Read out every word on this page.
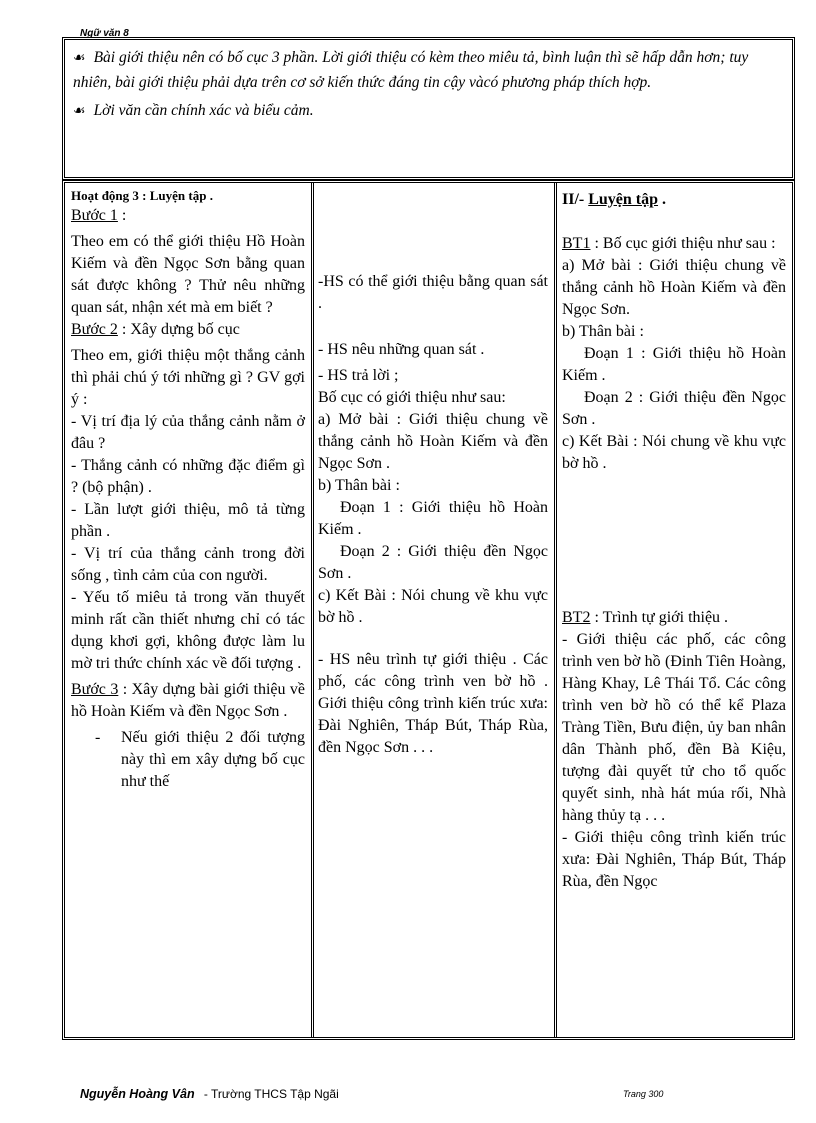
Ngữ văn 8

☙ Bài giới thiệu nên có bố cục 3 phần. Lời giới thiệu có kèm theo miêu tả, bình luận thì sẽ hấp dẫn hơn; tuy nhiên, bài giới thiệu phải dựa trên cơ sở kiến thức đáng tin cậy vàcó phương pháp thích hợp.

☙ Lời văn cần chính xác và biểu cảm.

Hoạt động 3 : Luyện tập .

Bước 1 :

Theo em có thể giới thiệu Hồ Hoàn Kiếm và đền Ngọc Sơn bằng quan sát được không ? Thử nêu những quan sát, nhận xét mà em biết ?

Bước 2 : Xây dựng bố cục

Theo em, giới thiệu một thắng cảnh thì phải chú ý tới những gì ? GV gợi ý :

- Vị trí địa lý của thắng cảnh nằm ở đâu ?

- Thắng cảnh có những đặc điểm gì ? (bộ phận) .

- Lần lượt giới thiệu, mô tả từng phần .

- Vị trí của thắng cảnh trong đời sống , tình cảm của con người.

- Yếu tố miêu tả trong văn thuyết minh rất cần thiết nhưng chỉ có tác dụng khơi gợi, không được làm lu mờ tri thức chính xác về đối tượng .

Bước 3 : Xây dựng bài giới thiệu về hồ Hoàn Kiếm và đền Ngọc Sơn .

- Nếu giới thiệu 2 đối tượng này thì em xây dựng bố cục như thế

-HS có thể giới thiệu bằng quan sát .

- HS nêu những quan sát .

- HS trả lời ;

Bố cục có giới thiệu như sau:

a) Mở bài : Giới thiệu chung về thắng cảnh hồ Hoàn Kiếm và đền Ngọc Sơn .

b) Thân bài :

Đoạn 1 : Giới thiệu hồ Hoàn Kiếm .

Đoạn 2 : Giới thiệu đền Ngọc Sơn .

c) Kết Bài : Nói chung về khu vực bờ hồ .

- HS nêu trình tự giới thiệu . Các phố, các công trình ven bờ hồ . Giới thiệu công trình kiến trúc xưa: Đài Nghiên, Tháp Bút, Tháp Rùa, đền Ngọc Sơn . . .

II/- Luyện tập .

BT1 : Bố cục giới thiệu như sau :

a) Mở bài : Giới thiệu chung về thắng cảnh hồ Hoàn Kiếm và đền Ngọc Sơn.

b) Thân bài :

Đoạn 1 : Giới thiệu hồ Hoàn Kiếm .

Đoạn 2 : Giới thiệu đền Ngọc Sơn .

c) Kết Bài : Nói chung về khu vực bờ hồ .

BT2 : Trình tự giới thiệu .

- Giới thiệu các phố, các công trình ven bờ hồ (Đinh Tiên Hoàng, Hàng Khay, Lê Thái Tổ. Các công trình ven bờ hồ có thể kể Plaza Tràng Tiền, Bưu điện, ủy ban nhân dân Thành phố, đền Bà Kiệu, tượng đài quyết tử cho tổ quốc quyết sinh, nhà hát múa rối, Nhà hàng thủy tạ . . .

- Giới thiệu công trình kiến trúc xưa: Đài Nghiên, Tháp Bút, Tháp Rùa, đền Ngọc

Nguyễn Hoàng Vân - Trường THCS Tập Ngãi	Trang 300
